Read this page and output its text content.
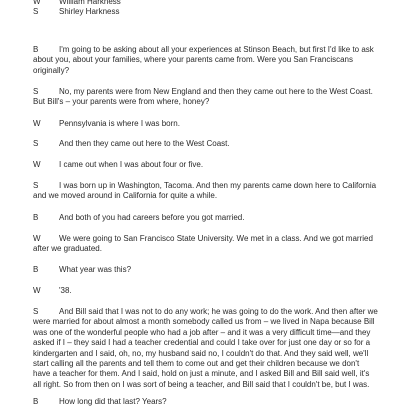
W William Harkness
S	Shirley Harkness
B	I'm going to be asking about all your experiences at Stinson Beach, but first I'd like to ask about you, about your families, where your parents came from. Were you San Franciscans originally?
S	No, my parents were from New England and then they came out here to the West Coast. But Bill's – your parents were from where, honey?
W Pennsylvania is where I was born.
S	And then they came out here to the West Coast.
W I came out when I was about four or five.
S	I was born up in Washington, Tacoma. And then my parents came down here to California and we moved around in California for quite a while.
B	And both of you had careers before you got married.
W We were going to San Francisco State University. We met in a class. And we got married after we graduated.
B	What year was this?
W '38.
S	And Bill said that I was not to do any work; he was going to do the work. And then after we were married for about almost a month somebody called us from – we lived in Napa because Bill was one of the wonderful people who had a job after – and it was a very difficult time—and they asked if I – they said I had a teacher credential and could I take over for just one day or so for a kindergarten and I said, oh, no, my husband said no, I couldn't do that. And they said well, we'll start calling all the parents and tell them to come out and get their children because we don't have a teacher for them. And I said, hold on just a minute, and I asked Bill and Bill said well, it's all right. So from then on I was sort of being a teacher, and Bill said that I couldn't be, but I was.
B	How long did that last? Years?
